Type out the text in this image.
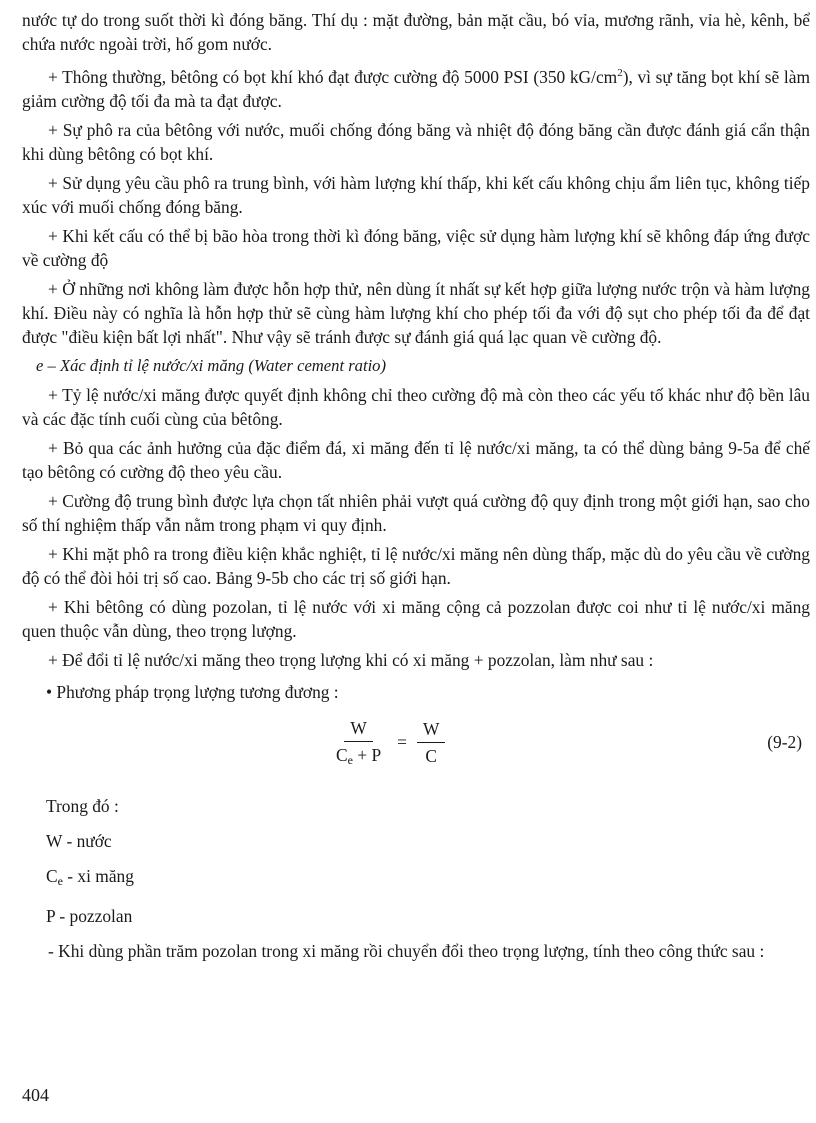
nước tự do trong suốt thời kì đóng băng. Thí dụ : mặt đường, bản mặt cầu, bó vỉa, mương rãnh, vỉa hè, kênh, bể chứa nước ngoài trời, hố gom nước.

+ Thông thường, bêtông có bọt khí khó đạt được cường độ 5000 PSI (350 $kG/cm^2$), vì sự tăng bọt khí sẽ làm giảm cường độ tối đa mà ta đạt được.

+ Sự phô ra của bêtông với nước, muối chống đóng băng và nhiệt độ đóng băng cần được đánh giá cẩn thận khi dùng bêtông có bọt khí.

+ Sử dụng yêu cầu phô ra trung bình, với hàm lượng khí thấp, khi kết cấu không chịu ẩm liên tục, không tiếp xúc với muối chống đóng băng.

+ Khi kết cấu có thể bị bão hòa trong thời kì đóng băng, việc sử dụng hàm lượng khí sẽ không đáp ứng được về cường độ

+ Ở những nơi không làm được hỗn hợp thử, nên dùng ít nhất sự kết hợp giữa lượng nước trộn và hàm lượng khí. Điều này có nghĩa là hỗn hợp thử sẽ cùng hàm lượng khí cho phép tối đa với độ sụt cho phép tối đa để đạt được "điều kiện bất lợi nhất". Như vậy sẽ tránh được sự đánh giá quá lạc quan về cường độ.

e – Xác định tỉ lệ nước/xi măng (Water cement ratio)

+ Tỷ lệ nước/xi măng được quyết định không chỉ theo cường độ mà còn theo các yếu tố khác như độ bền lâu và các đặc tính cuối cùng của bêtông.

+ Bỏ qua các ảnh hưởng của đặc điểm đá, xi măng đến tỉ lệ nước/xi măng, ta có thể dùng bảng 9-5a để chế tạo bêtông có cường độ theo yêu cầu.

+ Cường độ trung bình được lựa chọn tất nhiên phải vượt quá cường độ quy định trong một giới hạn, sao cho số thí nghiệm thấp vẫn nằm trong phạm vi quy định.

+ Khi mặt phô ra trong điều kiện khắc nghiệt, tỉ lệ nước/xi măng nên dùng thấp, mặc dù do yêu cầu về cường độ có thể đòi hỏi trị số cao. Bảng 9-5b cho các trị số giới hạn.

+ Khi bêtông có dùng pozolan, tỉ lệ nước với xi măng cộng cả pozzolan được coi như tỉ lệ nước/xi măng quen thuộc vẫn dùng, theo trọng lượng.

+ Để đổi tỉ lệ nước/xi măng theo trọng lượng khi có xi măng + pozzolan, làm như sau :

• Phương pháp trọng lượng tương đương :

$\frac{W}{C_e + P} = \frac{W}{C}$	(9-2)

Trong đó :

W - nước

$C_e$ - xi măng

P - pozzolan

- Khi dùng phần trăm pozolan trong xi măng rồi chuyển đổi theo trọng lượng, tính theo công thức sau :

404
